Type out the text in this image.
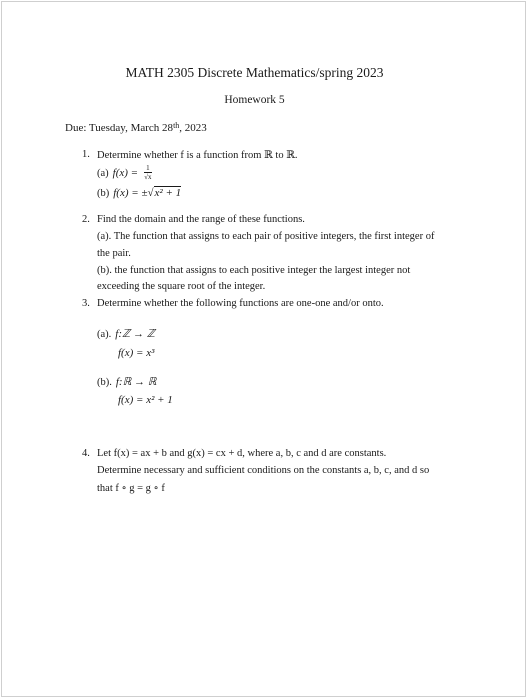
MATH 2305 Discrete Mathematics/spring 2023
Homework 5
Due: Tuesday, March 28th, 2023
1. Determine whether f is a function from ℝ to ℝ.
(a) $f(x) = \frac{1}{√x}$
(b) f(x) = ±√x² + 1
2. Find the domain and the range of these functions.
(a). The function that assigns to each pair of positive integers, the first integer of
the pair.
(b). the function that assigns to each positive integer the largest integer not
exceeding the square root of the integer.
3. Determine whether the following functions are one-one and/or onto.
(a). f:ℤ → ℤ
f(x) = x³
(b). f:ℝ → ℝ
f(x) = x² + 1
4. Let f(x) = ax + b and g(x) = cx + d, where a, b, c and d are constants.
Determine necessary and sufficient conditions on the constants a, b, c, and d so
that f ∘ g = g ∘ f
